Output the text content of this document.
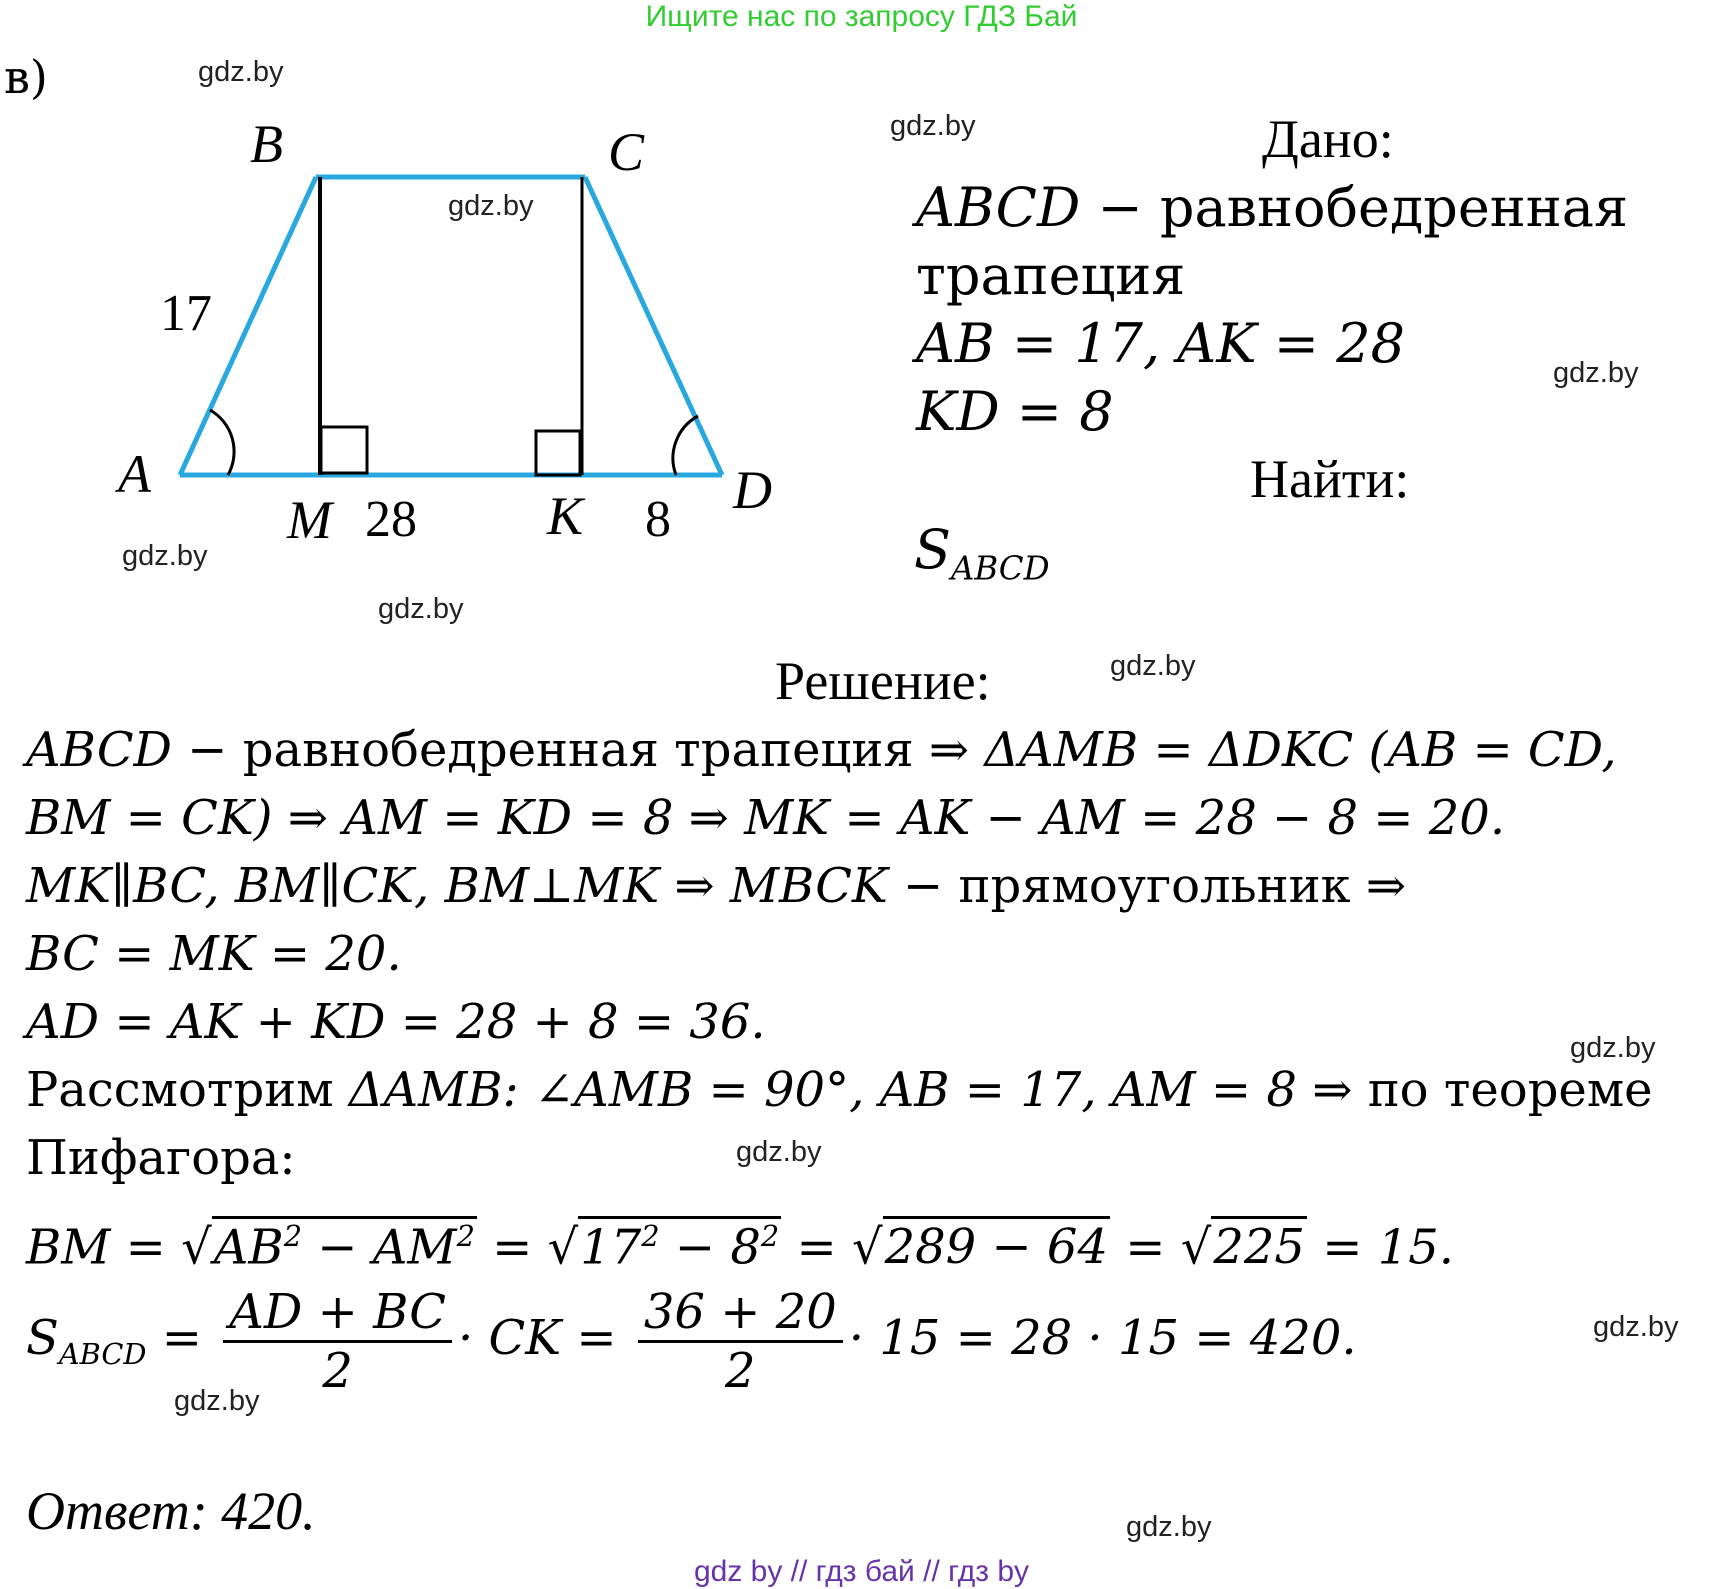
Ищите нас по запросу ГДЗ Бай
gdz.by
gdz.by
gdz.by
gdz.by
gdz.by
gdz.by
gdz.by
gdz.by
gdz.by
gdz.by
gdz.by
gdz.by
в)
A
B	C
D
M	K
17
28	8
Дано:
ABCD − равнобедренная
трапеция
AB = 17, AK = 28
KD = 8
Найти:
$S_{ABCD}$
Решение:
ABCD − равнобедренная трапеция ⇒ ΔAMB = ΔDKC (AB = CD,
BM = CK) ⇒ AM = KD = 8 ⇒ MK = AK − AM = 28 − 8 = 20.
MK∥BC, BM∥CK, BM⊥MK ⇒ MBCK − прямоугольник ⇒
BC = MK = 20.
AD = AK + KD = 28 + 8 = 36.
Рассмотрим ΔAMB: ∠AMB = 90°, AB = 17, AM = 8 ⇒ по теореме
Пифагора:
BM = $√AB^2 - AM^2 = √17^2 - 8^2 = √289 - 64 = √225 = 15$.
$S_{ABCD} = \frac{AD + BC}{2}$ · CK = $\frac{36 + 20}{2} \cdot 15 = 28 \cdot 15 = 420$.
Ответ: 420.
gdz by // гдз бай // гдз by
